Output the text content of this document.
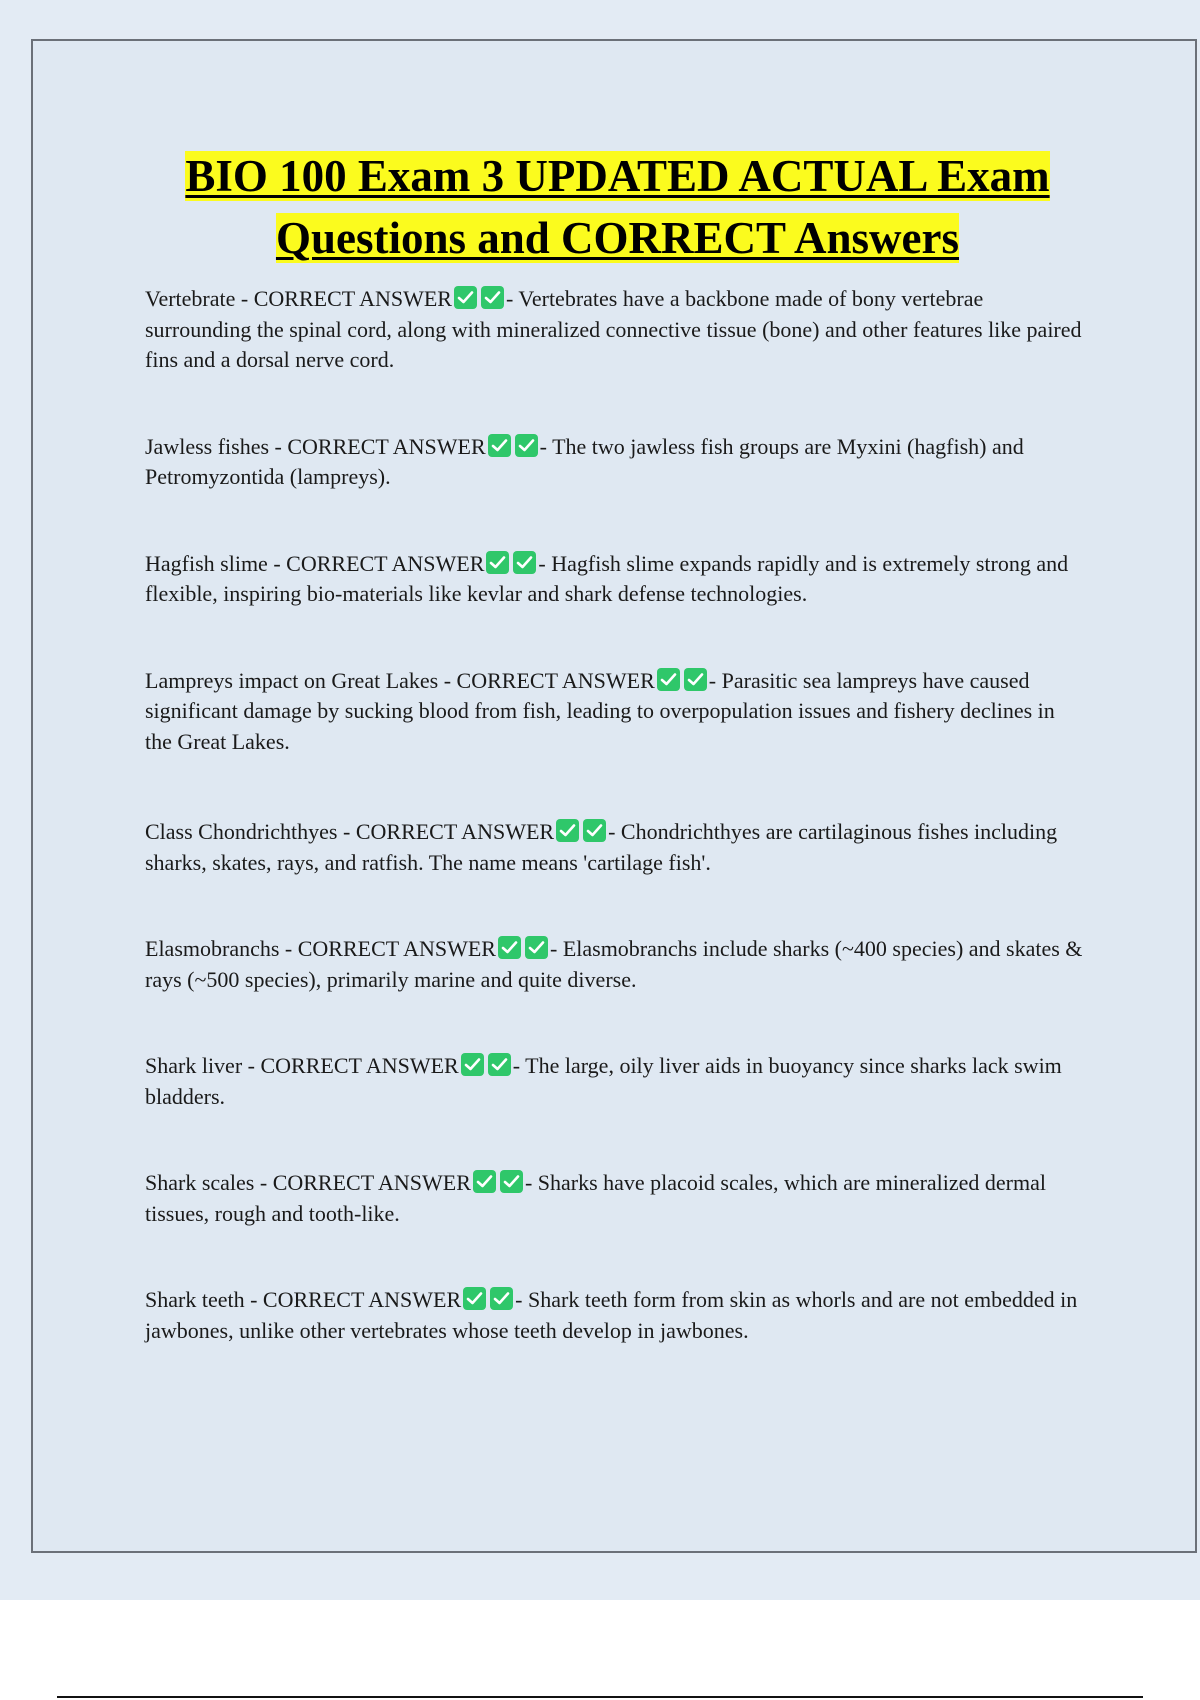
BIO 100 Exam 3 UPDATED ACTUAL Exam Questions and CORRECT Answers

Vertebrate - CORRECT ANSWER - Vertebrates have a backbone made of bony vertebrae surrounding the spinal cord, along with mineralized connective tissue (bone) and other features like paired fins and a dorsal nerve cord.

Jawless fishes - CORRECT ANSWER - The two jawless fish groups are Myxini (hagfish) and Petromyzontida (lampreys).

Hagfish slime - CORRECT ANSWER - Hagfish slime expands rapidly and is extremely strong and flexible, inspiring bio-materials like kevlar and shark defense technologies.

Lampreys impact on Great Lakes - CORRECT ANSWER - Parasitic sea lampreys have caused significant damage by sucking blood from fish, leading to overpopulation issues and fishery declines in the Great Lakes.

Class Chondrichthyes - CORRECT ANSWER - Chondrichthyes are cartilaginous fishes including sharks, skates, rays, and ratfish. The name means 'cartilage fish'.

Elasmobranchs - CORRECT ANSWER - Elasmobranchs include sharks (~400 species) and skates & rays (~500 species), primarily marine and quite diverse.

Shark liver - CORRECT ANSWER - The large, oily liver aids in buoyancy since sharks lack swim bladders.

Shark scales - CORRECT ANSWER - Sharks have placoid scales, which are mineralized dermal tissues, rough and tooth-like.

Shark teeth - CORRECT ANSWER - Shark teeth form from skin as whorls and are not embedded in jawbones, unlike other vertebrates whose teeth develop in jawbones.
